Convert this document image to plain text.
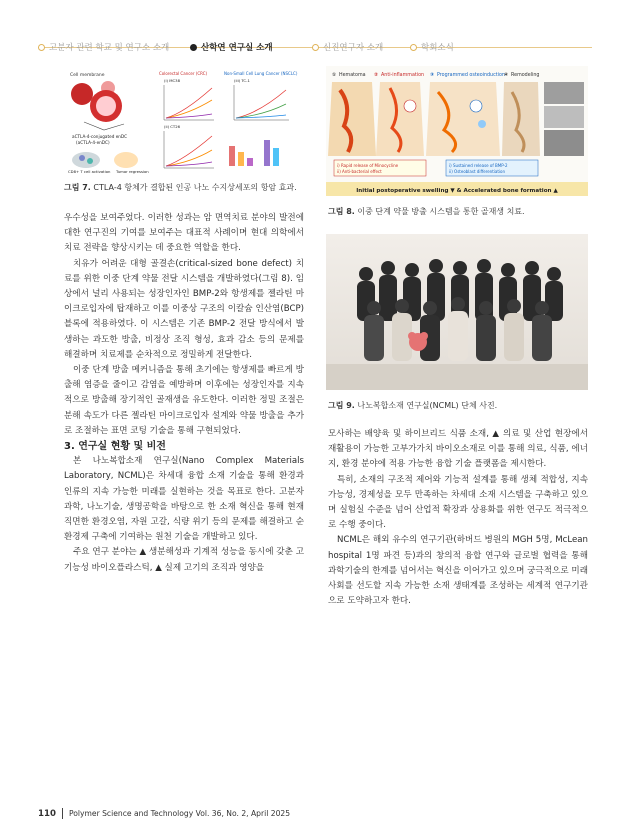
고분자 관련 학교 및 연구소 소개	산학연 연구실 소개	신진연구자 소개	학회소식
Cell membrane
aCTLA-4-conjugated enDC
(aCTLA-4-enDC)
CD8+ T cell activation Tumor regression
Colorectal Cancer (CRC)	Non-Small Cell Lung Cancer (NSCLC)
(i) MC38	(iii) TC-1
(ii) CT26
그림 7. CTLA-4 항체가 결합된 인공 나노 수지상세포의 항암 효과.
① Hematoma ② Anti-inflammation ③ Programmed osteoinduction ④ Remodeling
i) Rapid release of Minocycline
ii) Anti-bacterial effect
i) Sustained release of BMP-2
ii) Osteoblast differentiation
Initial postoperative swelling ▼ & Accelerated bone formation ▲
그림 8. 이중 단계 약물 방출 시스템을 통한 골재생 치료.
그림 9. 나노복합소재 연구실(NCML) 단체 사진.

우수성을 보여주었다. 이러한 성과는 암 면역치료 분야의 발전에 대한 연구진의 기여를 보여주는 대표적 사례이며 현대 의학에서 치료 전략을 향상시키는 데 중요한 역할을 한다.

치유가 어려운 대형 골결손(critical-sized bone defect) 치료를 위한 이중 단계 약물 전달 시스템을 개발하였다(그림 8). 임상에서 널리 사용되는 성장인자인 BMP-2와 항생제를 젤라틴 마이크로입자에 탑재하고 이를 이중상 구조의 이칼슘 인산염(BCP) 블록에 적용하였다. 이 시스템은 기존 BMP-2 전달 방식에서 발생하는 과도한 방출, 비정상 조직 형성, 효과 감소 등의 문제를 해결하며 치료제를 순차적으로 정밀하게 전달한다.

이중 단계 방출 메커니즘을 통해 초기에는 항생제를 빠르게 방출해 염증을 줄이고 감염을 예방하며 이후에는 성장인자를 지속적으로 방출해 장기적인 골재생을 유도한다. 이러한 정밀 조절은 분해 속도가 다른 젤라틴 마이크로입자 설계와 약물 방출을 추가로 조절하는 표면 코팅 기술을 통해 구현되었다.

3. 연구실 현황 및 비전

본 나노복합소재 연구실(Nano Complex Materials Laboratory, NCML)은 차세대 융합 소재 기술을 통해 환경과 인류의 지속 가능한 미래를 실현하는 것을 목표로 한다. 고분자 과학, 나노기술, 생명공학을 바탕으로 한 소재 혁신을 통해 현재 직면한 환경오염, 자원 고갈, 식량 위기 등의 문제를 해결하고 순환경제 구축에 기여하는 원천 기술을 개발하고 있다.

주요 연구 분야는 ▲ 생분해성과 기계적 성능을 동시에 갖춘 고기능성 바이오플라스틱, ▲ 실제 고기의 조직과 영양을

모사하는 배양육 및 하이브리드 식품 소재, ▲ 의료 및 산업 현장에서 재활용이 가능한 고부가가치 바이오소재로 이를 통해 의료, 식품, 에너지, 환경 분야에 적용 가능한 융합 기술 플랫폼을 제시한다.

특히, 소재의 구조적 제어와 기능적 설계를 통해 생체 적합성, 지속 가능성, 경제성을 모두 만족하는 차세대 소재 시스템을 구축하고 있으며 실험실 수준을 넘어 산업적 확장과 상용화를 위한 연구도 적극적으로 수행 중이다.

NCML은 해외 유수의 연구기관(하버드 병원의 MGH 5명, McLean hospital 1명 파견 등)과의 창의적 융합 연구와 글로벌 협력을 통해 과학기술의 한계를 넘어서는 혁신을 이어가고 있으며 궁극적으로 미래 사회를 선도할 지속 가능한 소재 생태계를 조성하는 세계적 연구기관으로 도약하고자 한다.

110 Polymer Science and Technology Vol. 36, No. 2, April 2025
